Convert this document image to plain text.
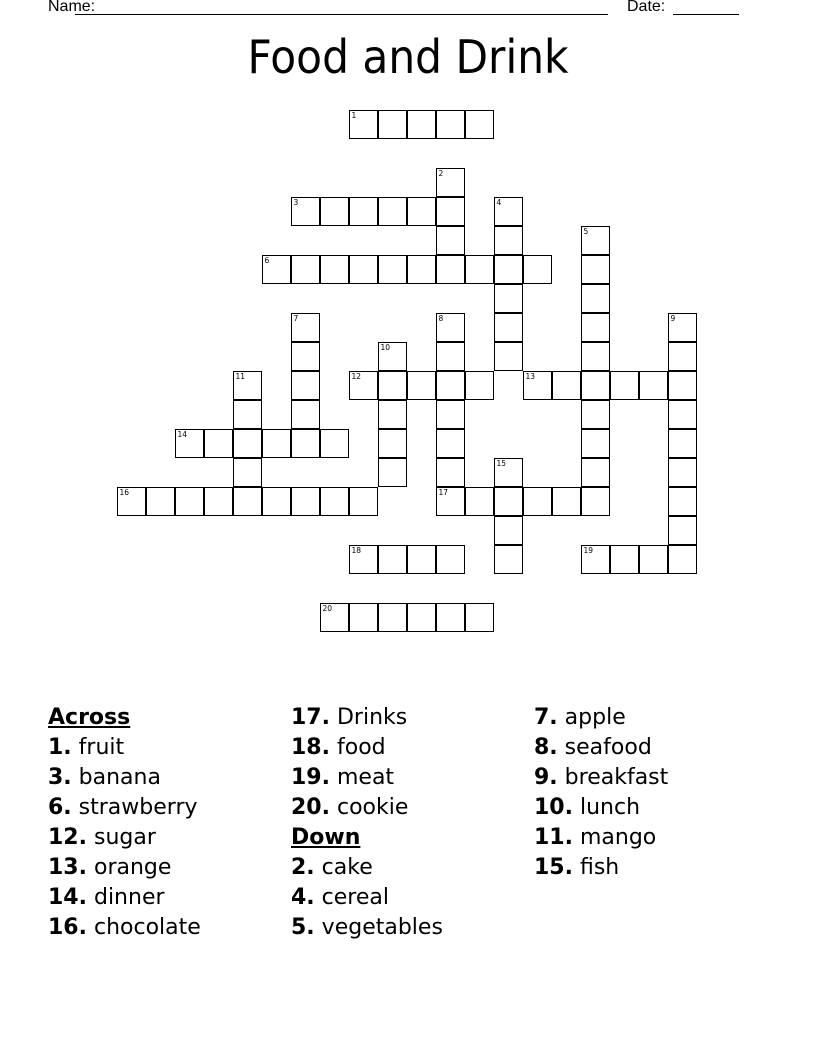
Name:	Date:
Food and Drink
1
2
3	4
5
6
7	8
17
9
10
11	12	13
14
15
16
18	19
20
Across
1. fruit
3. banana
6. strawberry
12. sugar
13. orange
14. dinner
16. chocolate
17. Drinks
18. food
19. meat
20. cookie
Down
2. cake
4. cereal
5. vegetables
7. apple
8. seafood
9. breakfast
10. lunch
11. mango
15. fish
